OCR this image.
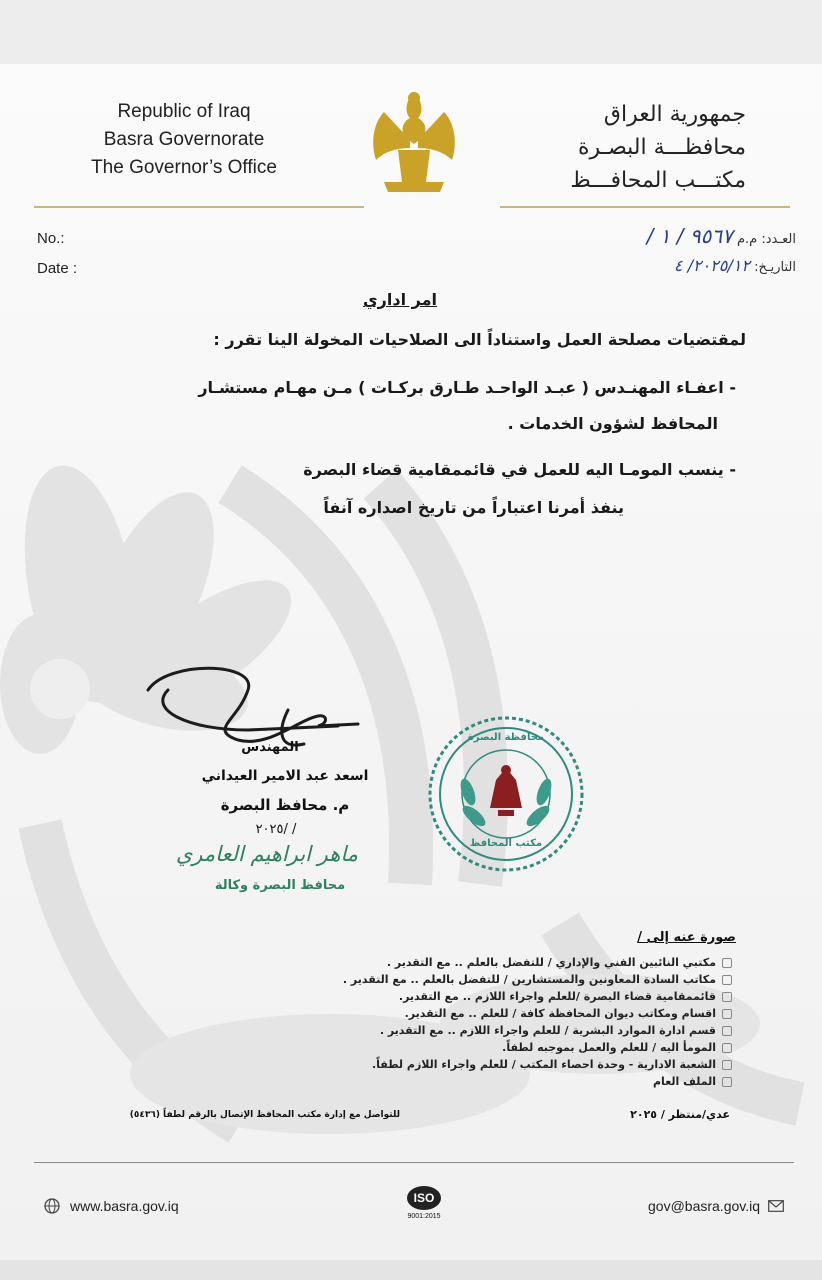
Republic of Iraq
Basra Governorate
The Governor’s Office
جمهورية العراق
محافظـــة البصـرة
مكتـــب المحافـــظ
No.:
Date :
العـدد: م.م ٩٥٦٧ / ١ /
التاريـخ: ٢٠٢٥/١٢/ ٤
امر اداري
لمقتضيات مصلحة العمل واستناداً الى الصلاحيات المخولة الينا تقرر :
- اعفـاء المهنـدس ( عبـد الواحـد طـارق بركـات ) مـن مهـام مستشـار
المحافظ لشؤون الخدمات .
- ينسب المومـا اليه للعمل في قائممقامية قضاء البصرة
ينفذ أمرنا اعتباراً من تاريخ اصداره آنفاً
المهندس
اسعد عبد الامير العيداني
م. محافظ البصرة
/ /٢٠٢٥
ماهر ابراهيم العامري
محافظ البصرة وكالة
محافظة البصرة
مكتب المحافظ
صورة عنه إلى /
مكتبي النائبين الفني والإداري / للتفضل بالعلم .. مع التقدير .
مكاتب السادة المعاونين والمستشارين / للتفضل بالعلم .. مع التقدير .
قائممقامية قضاء البصرة /للعلم واجراء اللازم .. مع التقدير.
اقسام ومكاتب ديوان المحافظة كافة / للعلم .. مع التقدير.
قسم ادارة الموارد البشرية / للعلم واجراء اللازم .. مع التقدير .
المومأ اليه / للعلم والعمل بموجبه لطفاً.
الشعبة الادارية - وحدة احصاء المكتب / للعلم واجراء اللازم لطفاً.
الملف العام
للتواصل مع إدارة مكتب المحافظ الإتصال بالرقم لطفاً (٥٤٣٦)	عدي/منتظر / ٢٠٢٥
www.basra.gov.iq	ISO
9001:2015
gov@basra.gov.iq
